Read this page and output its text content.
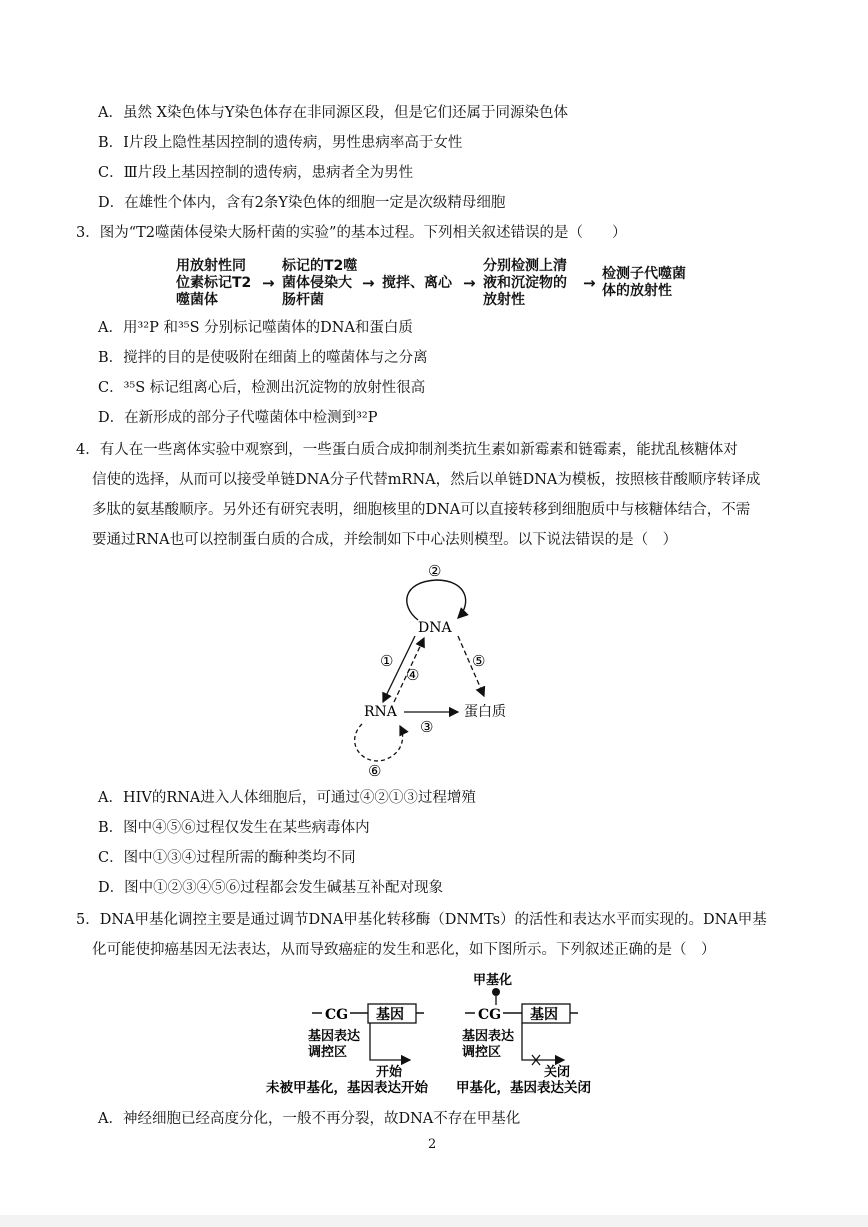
A．虽然 X染色体与Y染色体存在非同源区段，但是它们还属于同源染色体
B．Ⅰ片段上隐性基因控制的遗传病，男性患病率高于女性
C．Ⅲ片段上基因控制的遗传病，患病者全为男性
D．在雄性个体内，含有2条Y染色体的细胞一定是次级精母细胞
3．图为“T2噬菌体侵染大肠杆菌的实验”的基本过程。下列相关叙述错误的是（　　）
用放射性同
位素标记T2
噬菌体
→
标记的T2噬
菌体侵染大
肠杆菌
→ 搅拌、离心 →
分别检测上清
液和沉淀物的
放射性
→ 检测子代噬菌
体的放射性
A．用³²P 和³⁵S 分别标记噬菌体的DNA和蛋白质
B．搅拌的目的是使吸附在细菌上的噬菌体与之分离
C．³⁵S 标记组离心后，检测出沉淀物的放射性很高
D．在新形成的部分子代噬菌体中检测到³²P
4．有人在一些离体实验中观察到，一些蛋白质合成抑制剂类抗生素如新霉素和链霉素，能扰乱核糖体对
信使的选择，从而可以接受单链DNA分子代替mRNA，然后以单链DNA为模板，按照核苷酸顺序转译成
多肽的氨基酸顺序。另外还有研究表明，细胞核里的DNA可以直接转移到细胞质中与核糖体结合，不需
要通过RNA也可以控制蛋白质的合成，并绘制如下中心法则模型。以下说法错误的是（　）
②
DNA
①
④
⑤
RNA
③
蛋白质
⑥
A．HIV的RNA进入人体细胞后，可通过④②①③过程增殖
B．图中④⑤⑥过程仅发生在某些病毒体内
C．图中①③④过程所需的酶种类均不同
D．图中①②③④⑤⑥过程都会发生碱基互补配对现象
5．DNA甲基化调控主要是通过调节DNA甲基化转移酶（DNMTs）的活性和表达水平而实现的。DNA甲基
化可能使抑癌基因无法表达，从而导致癌症的发生和恶化，如下图所示。下列叙述正确的是（　）
CG 基因
基因表达
调控区
开始
未被甲基化，基因表达开始
甲基化
CG 基因
基因表达
调控区
关闭
甲基化，基因表达关闭
A．神经细胞已经高度分化，一般不再分裂，故DNA不存在甲基化
2
